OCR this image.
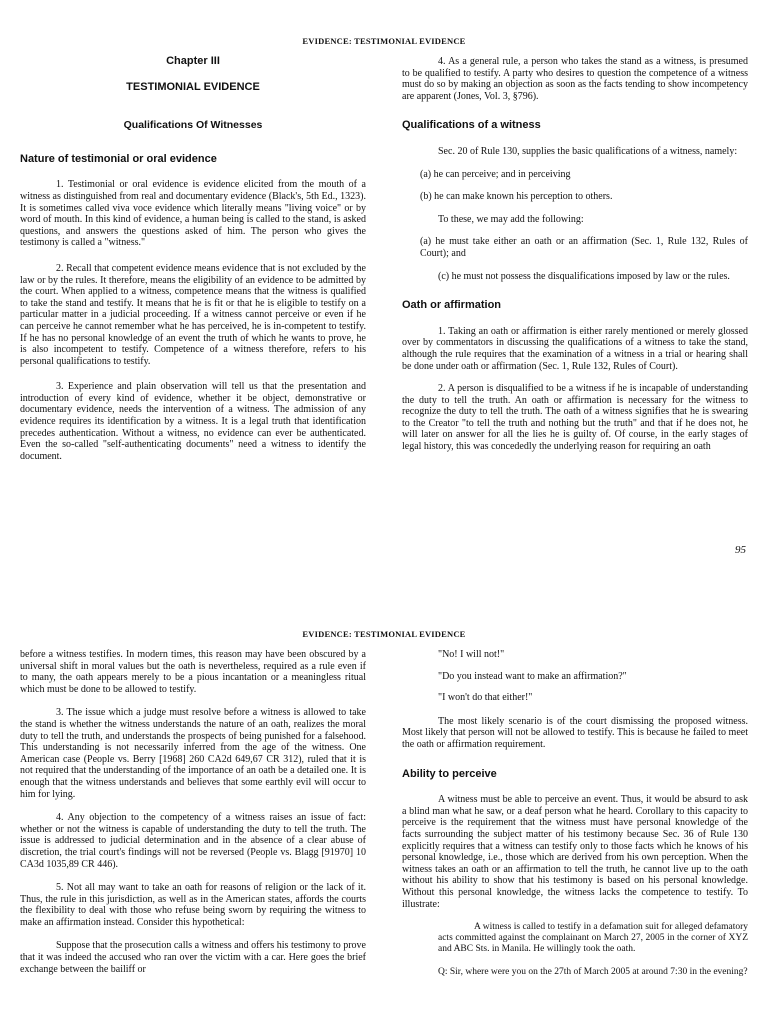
EVIDENCE: TESTIMONIAL EVIDENCE
Chapter III
TESTIMONIAL EVIDENCE
Qualifications Of Witnesses
Nature of testimonial or oral evidence

1. Testimonial or oral evidence is evidence elicited from the mouth of a witness as distinguished from real and documentary evidence (Black's, 5th Ed., 1323). It is sometimes called viva voce evidence which literally means "living voice" or by word of mouth. In this kind of evidence, a human being is called to the stand, is asked questions, and answers the questions asked of him. The person who gives the testimony is called a "witness."

2. Recall that competent evidence means evidence that is not excluded by the law or by the rules. It therefore, means the eligibility of an evidence to be admitted by the court. When applied to a witness, competence means that the witness is qualified to take the stand and testify. It means that he is fit or that he is eligible to testify on a particular matter in a judicial proceeding. If a witness cannot perceive or even if he can perceive he cannot remember what he has perceived, he is in-competent to testify. If he has no personal knowledge of an event the truth of which he wants to prove, he is also incompetent to testify. Competence of a witness therefore, refers to his personal qualifications to testify.

3. Experience and plain observation will tell us that the presentation and introduction of every kind of evidence, whether it be object, demonstrative or documentary evidence, needs the intervention of a witness. The admission of any evidence requires its identification by a witness. It is a legal truth that identification precedes authentication. Without a witness, no evidence can ever be authenticated. Even the so-called "self-authenticating documents" need a witness to identify the document.

4. As a general rule, a person who takes the stand as a witness, is presumed to be qualified to testify. A party who desires to question the competence of a witness must do so by making an objection as soon as the facts tending to show incompetency are apparent (Jones, Vol. 3, §796).

Qualifications of a witness

Sec. 20 of Rule 130, supplies the basic qualifications of a witness, namely:

(a) he can perceive; and in perceiving

(b) he can make known his perception to others.

To these, we may add the following:

(a) he must take either an oath or an affirmation (Sec. 1, Rule 132, Rules of Court); and

(c) he must not possess the disqualifications imposed by law or the rules.

Oath or affirmation

1. Taking an oath or affirmation is either rarely mentioned or merely glossed over by commentators in discussing the qualifications of a witness to take the stand, although the rule requires that the examination of a witness in a trial or hearing shall be done under oath or affirmation (Sec. 1, Rule 132, Rules of Court).

2. A person is disqualified to be a witness if he is incapable of understanding the duty to tell the truth. An oath or affirmation is necessary for the witness to recognize the duty to tell the truth. The oath of a witness signifies that he is swearing to the Creator "to tell the truth and nothing but the truth" and that if he does not, he will later on answer for all the lies he is guilty of. Of course, in the early stages of legal history, this was concededly the underlying reason for requiring an oath

95
EVIDENCE: TESTIMONIAL EVIDENCE

before a witness testifies. In modern times, this reason may have been obscured by a universal shift in moral values but the oath is nevertheless, required as a rule even if to many, the oath appears merely to be a pious incantation or a meaningless ritual which must be done to be allowed to testify.

3. The issue which a judge must resolve before a witness is allowed to take the stand is whether the witness understands the nature of an oath, realizes the moral duty to tell the truth, and understands the prospects of being punished for a falsehood. This understanding is not necessarily inferred from the age of the witness. One American case (People vs. Berry [1968] 260 CA2d 649,67 CR 312), ruled that it is not required that the understanding of the importance of an oath be a detailed one. It is enough that the witness understands and believes that some earthly evil will occur to him for lying.

4. Any objection to the competency of a witness raises an issue of fact: whether or not the witness is capable of understanding the duty to tell the truth. The issue is addressed to judicial determination and in the absence of a clear abuse of discretion, the trial court's findings will not be reversed (People vs. Blagg [91970] 10 CA3d 1035,89 CR 446).

5. Not all may want to take an oath for reasons of religion or the lack of it. Thus, the rule in this jurisdiction, as well as in the American states, affords the courts the flexibility to deal with those who refuse being sworn by requiring the witness to make an affirmation instead. Consider this hypothetical:

Suppose that the prosecution calls a witness and offers his testimony to prove that it was indeed the accused who ran over the victim with a car. Here goes the brief exchange between the bailiff or

"No! I will not!"

"Do you instead want to make an affirmation?"

"I won't do that either!"

The most likely scenario is of the court dismissing the proposed witness. Most likely that person will not be allowed to testify. This is because he failed to meet the oath or affirmation requirement.

Ability to perceive

A witness must be able to perceive an event. Thus, it would be absurd to ask a blind man what he saw, or a deaf person what he heard. Corollary to this capacity to perceive is the requirement that the witness must have personal knowledge of the facts surrounding the subject matter of his testimony because Sec. 36 of Rule 130 explicitly requires that a witness can testify only to those facts which he knows of his personal knowledge, i.e., those which are derived from his own perception. When the witness takes an oath or an affirmation to tell the truth, he cannot live up to the oath without his ability to show that his testimony is based on his personal knowledge. Without this personal knowledge, the witness lacks the competence to testify. To illustrate:

A witness is called to testify in a defamation suit for alleged defamatory acts committed against the complainant on March 27, 2005 in the corner of XYZ and ABC Sts. in Manila. He willingly took the oath.

Q: Sir, where were you on the 27th of March 2005 at around 7:30 in the evening?
